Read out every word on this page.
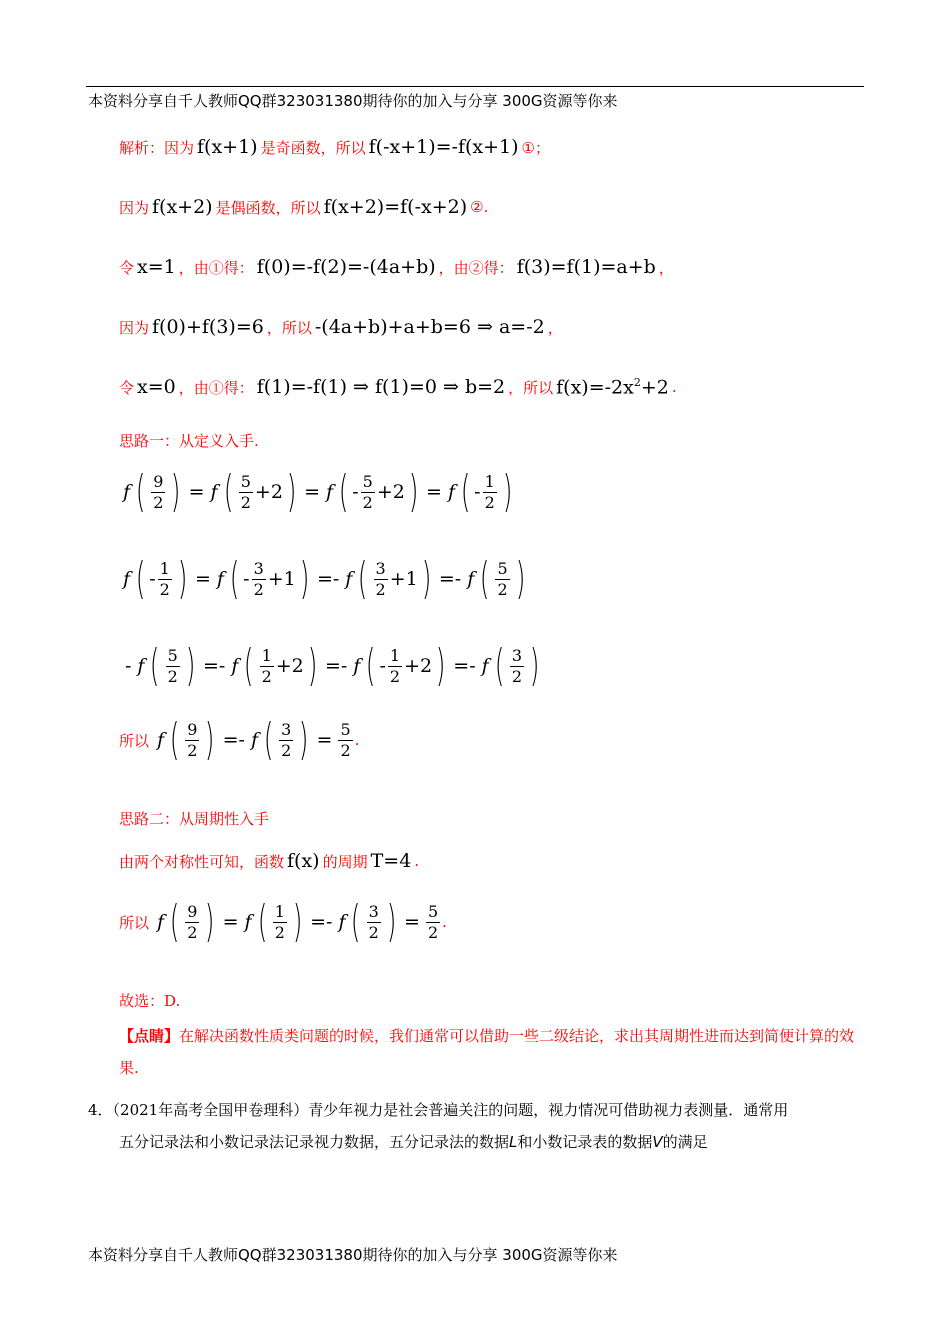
本资料分享自千人教师QQ群323031380期待你的加入与分享 300G资源等你来
解析：因为 f(x+1) 是奇函数，所以 f(-x+1)=-f(x+1) ①；
因为 f(x+2) 是偶函数，所以 f(x+2)=f(-x+2) ②.
令 x=1 ，由①得： f(0)=-f(2)=-(4a+b) ，由②得： f(3)=f(1)=a+b ，
因为 f(0)+f(3)=6 ，所以 -(4a+b)+a+b=6 ⇒ a=-2 ，
令 x=0 ，由①得： f(1)=-f(1) ⇒ f(1)=0 ⇒ b=2 ，所以 $f(x)=-2x^2+2$ .
思路一：从定义入手.
f ( $\frac{9}{2}$ ) = f ( $\frac{5}{2} + 2$ ) = f ( - $\frac{5}{2} + 2$ ) = f ( - $\frac{1}{2}$ )
f ( - $\frac{1}{2}$ ) = f ( - $\frac{3}{2} + 1$ ) =- f ( $\frac{3}{2} + 1$ ) =- f ( $\frac{5}{2}$ )
- f ( $\frac{5}{2}$ ) =- f ( $\frac{1}{2} + 2$ ) =- f ( - $\frac{1}{2} + 2$ ) =- f ( $\frac{3}{2}$ )
所以 f ( $\frac{9}{2}$ ) =- f ( $\frac{3}{2}$ ) = $\frac{5}{2}$ .
思路二：从周期性入手
由两个对称性可知，函数 f(x) 的周期 T=4 .
所以 f ( $\frac{9}{2}$ ) = f ( $\frac{1}{2}$ ) =- f ( $\frac{3}{2}$ ) = $\frac{5}{2}$ .
故选：D.
【点睛】在解决函数性质类问题的时候，我们通常可以借助一些二级结论，求出其周期性进而达到简便计算的效果.
4．（2021年高考全国甲卷理科）青少年视力是社会普遍关注的问题，视力情况可借助视力表测量．通常用
五分记录法和小数记录法记录视力数据，五分记录法的数据L和小数记录表的数据V的满足
本资料分享自千人教师QQ群323031380期待你的加入与分享 300G资源等你来
